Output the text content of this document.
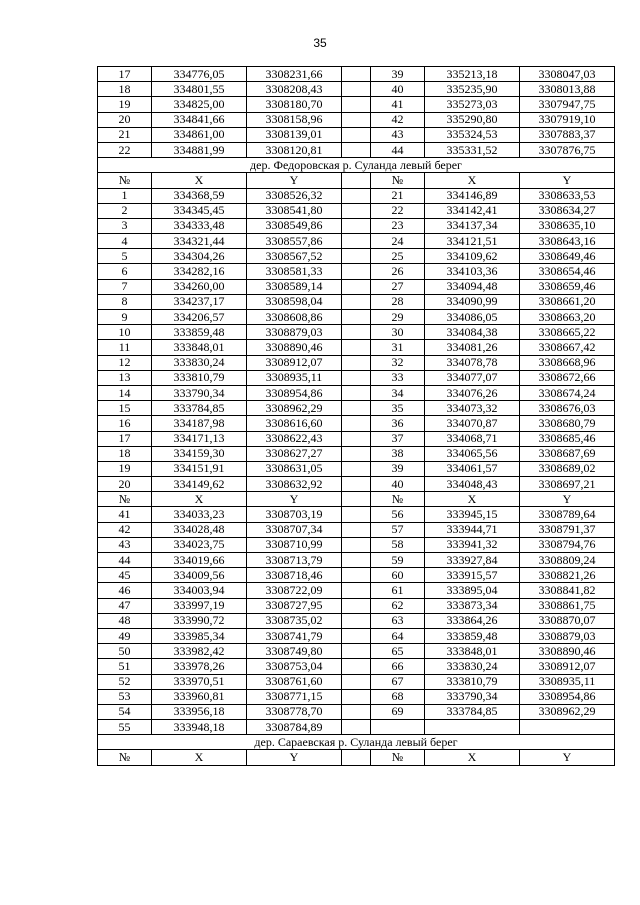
35
17	334776,05	3308231,66		39	335213,18	3308047,03
18	334801,55	3308208,43		40	335235,90	3308013,88
19	334825,00	3308180,70		41	335273,03	3307947,75
20	334841,66	3308158,96		42	335290,80	3307919,10
21	334861,00	3308139,01		43	335324,53	3307883,37
22	334881,99	3308120,81		44	335331,52	3307876,75
дер. Федоровская р. Суланда левый берег						
№	X	Y		№	X	Y
1	334368,59	3308526,32		21	334146,89	3308633,53
2	334345,45	3308541,80		22	334142,41	3308634,27
3	334333,48	3308549,86		23	334137,34	3308635,10
4	334321,44	3308557,86		24	334121,51	3308643,16
5	334304,26	3308567,52		25	334109,62	3308649,46
6	334282,16	3308581,33		26	334103,36	3308654,46
7	334260,00	3308589,14		27	334094,48	3308659,46
8	334237,17	3308598,04		28	334090,99	3308661,20
9	334206,57	3308608,86		29	334086,05	3308663,20
10	333859,48	3308879,03		30	334084,38	3308665,22
11	333848,01	3308890,46		31	334081,26	3308667,42
12	333830,24	3308912,07		32	334078,78	3308668,96
13	333810,79	3308935,11		33	334077,07	3308672,66
14	333790,34	3308954,86		34	334076,26	3308674,24
15	333784,85	3308962,29		35	334073,32	3308676,03
16	334187,98	3308616,60		36	334070,87	3308680,79
17	334171,13	3308622,43		37	334068,71	3308685,46
18	334159,30	3308627,27		38	334065,56	3308687,69
19	334151,91	3308631,05		39	334061,57	3308689,02
20	334149,62	3308632,92		40	334048,43	3308697,21
№	X	Y		№	X	Y
41	334033,23	3308703,19		56	333945,15	3308789,64
42	334028,48	3308707,34		57	333944,71	3308791,37
43	334023,75	3308710,99		58	333941,32	3308794,76
44	334019,66	3308713,79		59	333927,84	3308809,24
45	334009,56	3308718,46		60	333915,57	3308821,26
46	334003,94	3308722,09		61	333895,04	3308841,82
47	333997,19	3308727,95		62	333873,34	3308861,75
48	333990,72	3308735,02		63	333864,26	3308870,07
49	333985,34	3308741,79		64	333859,48	3308879,03
50	333982,42	3308749,80		65	333848,01	3308890,46
51	333978,26	3308753,04		66	333830,24	3308912,07
52	333970,51	3308761,60		67	333810,79	3308935,11
53	333960,81	3308771,15		68	333790,34	3308954,86
54	333956,18	3308778,70		69	333784,85	3308962,29
55	333948,18	3308784,89				
дер. Сараевская р. Суланда левый берег						
№	X	Y		№	X	Y
